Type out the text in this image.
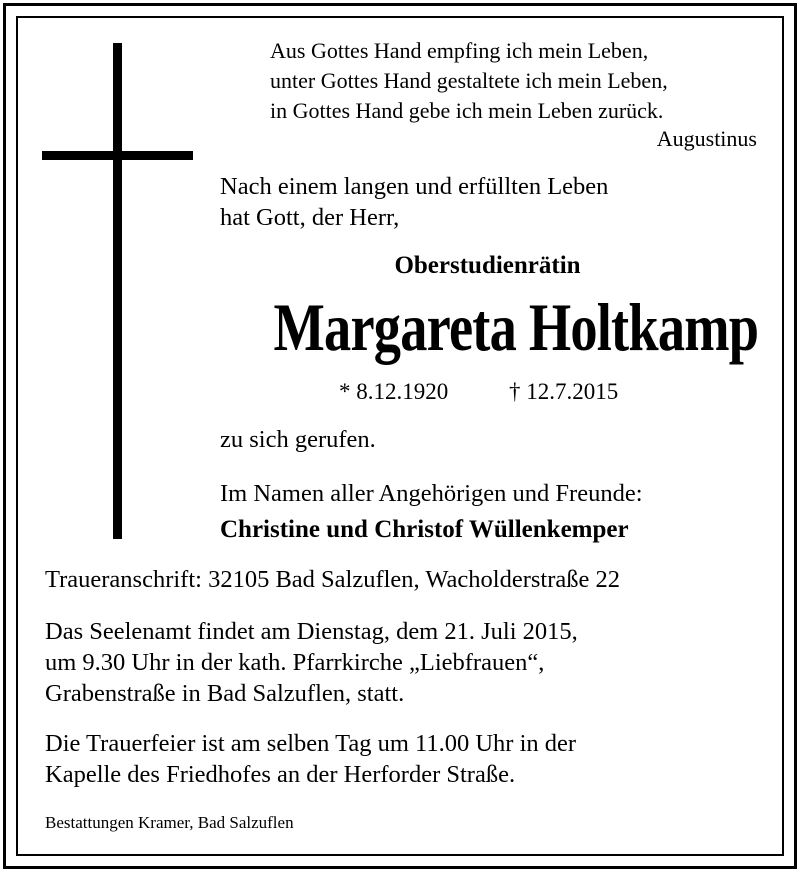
Aus Gottes Hand empfing ich mein Leben,
unter Gottes Hand gestaltete ich mein Leben,
in Gottes Hand gebe ich mein Leben zurück.
Augustinus
Nach einem langen und erfüllten Leben
hat Gott, der Herr,
Oberstudienrätin
Margareta Holtkamp
* 8.12.1920	† 12.7.2015
zu sich gerufen.
Im Namen aller Angehörigen und Freunde:
Christine und Christof Wüllenkemper
Traueranschrift: 32105 Bad Salzuflen, Wacholderstraße 22
Das Seelenamt findet am Dienstag, dem 21. Juli 2015,
um 9.30 Uhr in der kath. Pfarrkirche „Liebfrauen“,
Grabenstraße in Bad Salzuflen, statt.
Die Trauerfeier ist am selben Tag um 11.00 Uhr in der
Kapelle des Friedhofes an der Herforder Straße.
Bestattungen Kramer, Bad Salzuflen
